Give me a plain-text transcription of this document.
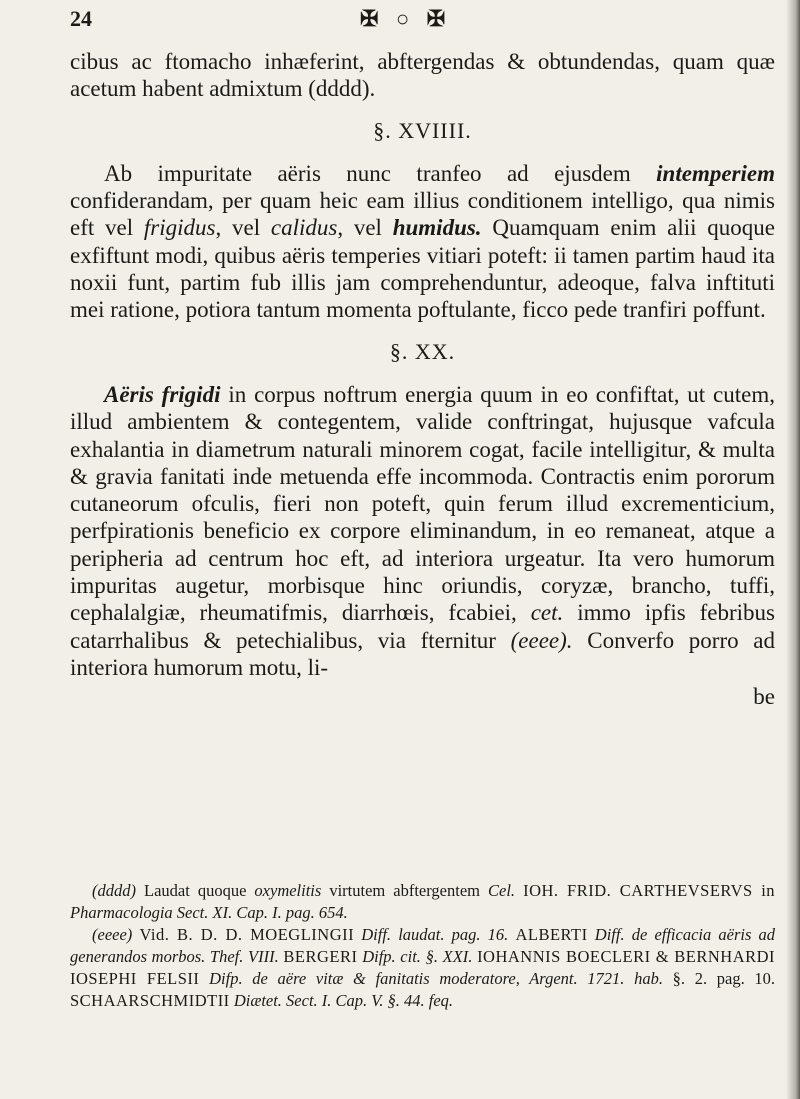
24	✠ ○ ✠

cibus ac ftomacho inhæferint, abftergendas & obtundendas, quam quæ acetum habent admixtum (dddd).

§. XVIIII.

Ab impuritate aëris nunc tranfeo ad ejusdem intemperiem confiderandam, per quam heic eam illius conditionem intelligo, qua nimis eft vel frigidus, vel calidus, vel humidus. Quamquam enim alii quoque exfiftunt modi, quibus aëris temperies vitiari poteft: ii tamen partim haud ita noxii funt, partim fub illis jam comprehenduntur, adeoque, falva inftituti mei ratione, potiora tantum momenta poftulante, ficco pede tranfiri poffunt.

§. XX.

Aëris frigidi in corpus noftrum energia quum in eo confiftat, ut cutem, illud ambientem & contegentem, valide conftringat, hujusque vafcula exhalantia in diametrum naturali minorem cogat, facile intelligitur, & multa & gravia fanitati inde metuenda effe incommoda. Contractis enim pororum cutaneorum ofculis, fieri non poteft, quin ferum illud excrementicium, perfpirationis beneficio ex corpore eliminandum, in eo remaneat, atque a peripheria ad centrum hoc eft, ad interiora urgeatur. Ita vero humorum impuritas augetur, morbisque hinc oriundis, coryzæ, brancho, tuffi, cephalalgiæ, rheumatifmis, diarrhœis, fcabiei, cet. immo ipfis febribus catarrhalibus & petechialibus, via fternitur (eeee). Converfo porro ad interiora humorum motu, li-

be

(dddd) Laudat quoque oxymelitis virtutem abftergentem Cel. IOH. FRID. CARTHEVSERVS in Pharmacologia Sect. XI. Cap. I. pag. 654.

(eeee) Vid. B. D. D. MOEGLINGII Diff. laudat. pag. 16. ALBERTI Diff. de efficacia aëris ad generandos morbos. Thef. VIII. BERGERI Difp. cit. §. XXI. IOHANNIS BOECLERI & BERNHARDI IOSEPHI FELSII Difp. de aëre vitæ & fanitatis moderatore, Argent. 1721. hab. §. 2. pag. 10. SCHAARSCHMIDTII Diætet. Sect. I. Cap. V. §. 44. feq.
